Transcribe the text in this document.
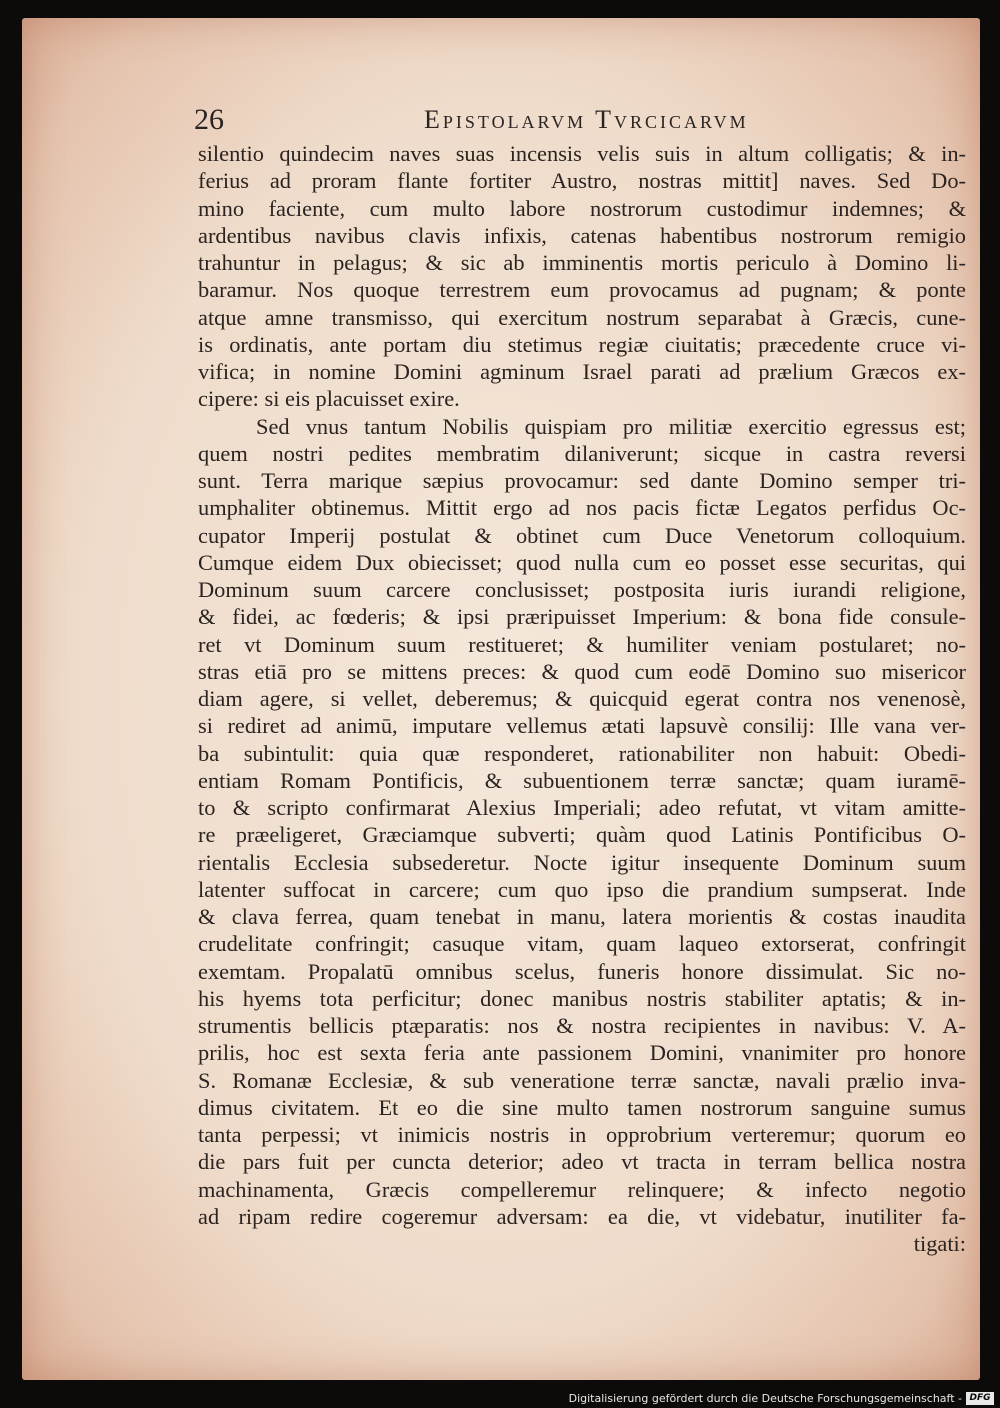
26	Epistolarvm Tvrcicarvm
silentio quindecim naves suas incensis velis suis in altum colligatis; & in-
ferius ad proram flante fortiter Austro, nostras mittit] naves. Sed Do-
mino faciente, cum multo labore nostrorum custodimur indemnes; &
ardentibus navibus clavis infixis, catenas habentibus nostrorum remigio
trahuntur in pelagus; & sic ab imminentis mortis periculo à Domino li-
baramur. Nos quoque terrestrem eum provocamus ad pugnam; & ponte
atque amne transmisso, qui exercitum nostrum separabat à Græcis, cune-
is ordinatis, ante portam diu stetimus regiæ ciuitatis; præcedente cruce vi-
vifica; in nomine Domini agminum Israel parati ad prælium Græcos ex-
cipere: si eis placuisset exire.
Sed vnus tantum Nobilis quispiam pro militiæ exercitio egressus est;
quem nostri pedites membratim dilaniverunt; sicque in castra reversi
sunt. Terra marique sæpius provocamur: sed dante Domino semper tri-
umphaliter obtinemus. Mittit ergo ad nos pacis fictæ Legatos perfidus Oc-
cupator Imperij postulat & obtinet cum Duce Venetorum colloquium.
Cumque eidem Dux obiecisset; quod nulla cum eo posset esse securitas, qui
Dominum suum carcere conclusisset; postposita iuris iurandi religione,
& fidei, ac fœderis; & ipsi præripuisset Imperium: & bona fide consule-
ret vt Dominum suum restitueret; & humiliter veniam postularet; no-
stras etiā pro se mittens preces: & quod cum eodē Domino suo misericor
diam agere, si vellet, deberemus; & quicquid egerat contra nos venenosè,
si rediret ad animū, imputare vellemus ætati lapsuvè consilij: Ille vana ver-
ba subintulit: quia quæ responderet, rationabiliter non habuit: Obedi-
entiam Romam Pontificis, & subuentionem terræ sanctæ; quam iuramē-
to & scripto confirmarat Alexius Imperiali; adeo refutat, vt vitam amitte-
re præeligeret, Græciamque subverti; quàm quod Latinis Pontificibus O-
rientalis Ecclesia subsederetur. Nocte igitur insequente Dominum suum
latenter suffocat in carcere; cum quo ipso die prandium sumpserat. Inde
& clava ferrea, quam tenebat in manu, latera morientis & costas inaudita
crudelitate confringit; casuque vitam, quam laqueo extorserat, confringit
exemtam. Propalatū omnibus scelus, funeris honore dissimulat. Sic no-
his hyems tota perficitur; donec manibus nostris stabiliter aptatis; & in-
strumentis bellicis ptæparatis: nos & nostra recipientes in navibus: V. A-
prilis, hoc est sexta feria ante passionem Domini, vnanimiter pro honore
S. Romanæ Ecclesiæ, & sub veneratione terræ sanctæ, navali prælio inva-
dimus civitatem. Et eo die sine multo tamen nostrorum sanguine sumus
tanta perpessi; vt inimicis nostris in opprobrium verteremur; quorum eo
die pars fuit per cuncta deterior; adeo vt tracta in terram bellica nostra
machinamenta, Græcis compelleremur relinquere; & infecto negotio
ad ripam redire cogeremur adversam: ea die, vt videbatur, inutiliter fa-
tigati:
Digitalisierung gefördert durch die Deutsche Forschungsgemeinschaft - DFG
